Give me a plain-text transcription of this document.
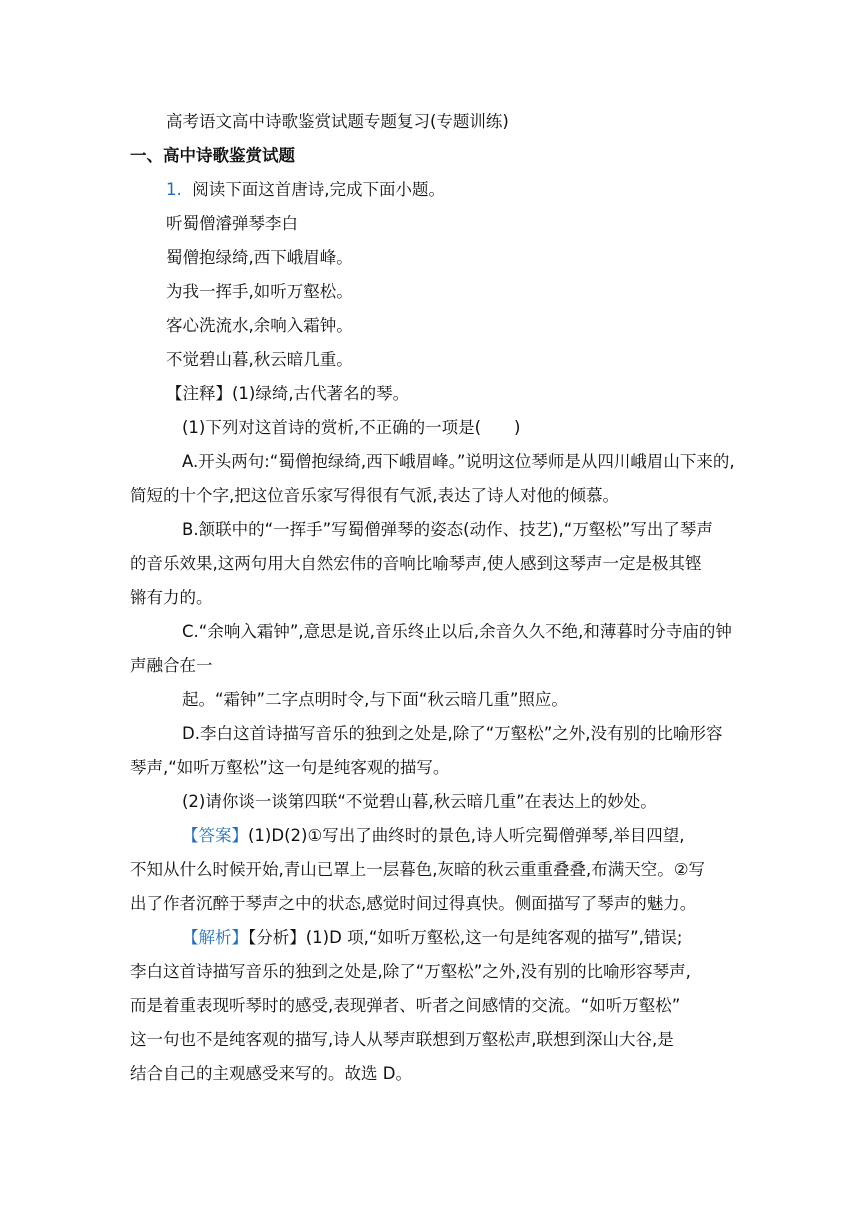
高考语文高中诗歌鉴赏试题专题复习(专题训练)
一、高中诗歌鉴赏试题
1. 阅读下面这首唐诗,完成下面小题。
听蜀僧濬弹琴李白
蜀僧抱绿绮,西下峨眉峰。
为我一挥手,如听万壑松。
客心洗流水,余响入霜钟。
不觉碧山暮,秋云暗几重。
【注释】(1)绿绮,古代著名的琴。
(1)下列对这首诗的赏析,不正确的一项是(　　)
A.开头两句:“蜀僧抱绿绮,西下峨眉峰。”说明这位琴师是从四川峨眉山下来的,
简短的十个字,把这位音乐家写得很有气派,表达了诗人对他的倾慕。
B.颔联中的“一挥手”写蜀僧弹琴的姿态(动作、技艺),“万壑松”写出了琴声
的音乐效果,这两句用大自然宏伟的音响比喻琴声,使人感到这琴声一定是极其铿
锵有力的。
C.“余响入霜钟”,意思是说,音乐终止以后,余音久久不绝,和薄暮时分寺庙的钟
声融合在一
起。“霜钟”二字点明时令,与下面“秋云暗几重”照应。
D.李白这首诗描写音乐的独到之处是,除了“万壑松”之外,没有别的比喻形容
琴声,“如听万壑松”这一句是纯客观的描写。
(2)请你谈一谈第四联“不觉碧山暮,秋云暗几重”在表达上的妙处。
【答案】(1)D(2)①写出了曲终时的景色,诗人听完蜀僧弹琴,举目四望,
不知从什么时候开始,青山已罩上一层暮色,灰暗的秋云重重叠叠,布满天空。②写
出了作者沉醉于琴声之中的状态,感觉时间过得真快。侧面描写了琴声的魅力。
【解析】【分析】(1)D 项,“如听万壑松,这一句是纯客观的描写”,错误;
李白这首诗描写音乐的独到之处是,除了“万壑松”之外,没有别的比喻形容琴声,
而是着重表现听琴时的感受,表现弹者、听者之间感情的交流。“如听万壑松”
这一句也不是纯客观的描写,诗人从琴声联想到万壑松声,联想到深山大谷,是
结合自己的主观感受来写的。故选 D。
